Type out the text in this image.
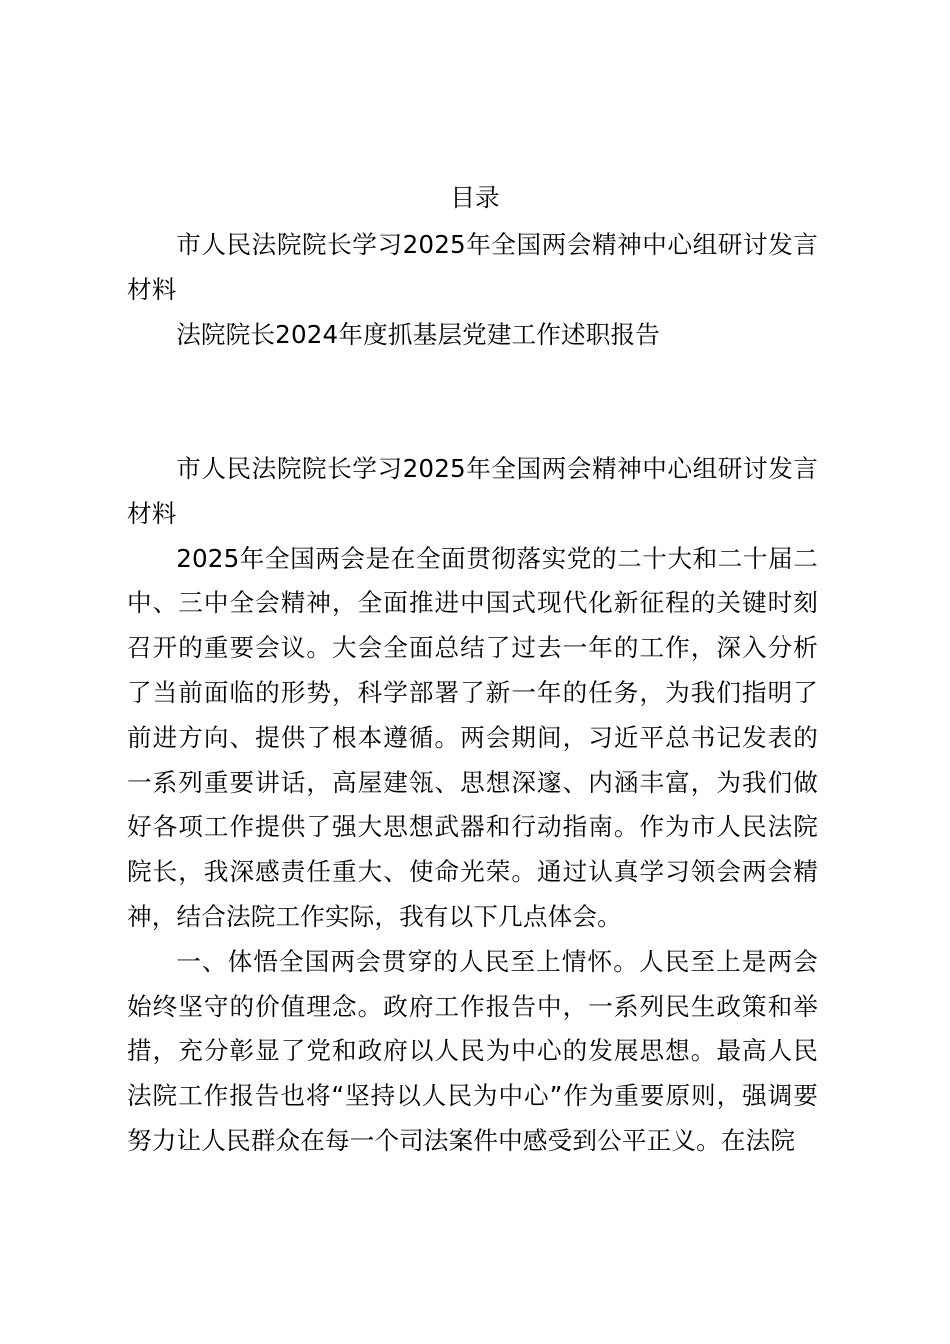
目录

市人民法院院长学习2025年全国两会精神中心组研讨发言材料

法院院长2024年度抓基层党建工作述职报告

市人民法院院长学习2025年全国两会精神中心组研讨发言材料

2025年全国两会是在全面贯彻落实党的二十大和二十届二中、三中全会精神，全面推进中国式现代化新征程的关键时刻召开的重要会议。大会全面总结了过去一年的工作，深入分析了当前面临的形势，科学部署了新一年的任务，为我们指明了前进方向、提供了根本遵循。两会期间，习近平总书记发表的一系列重要讲话，高屋建瓴、思想深邃、内涵丰富，为我们做好各项工作提供了强大思想武器和行动指南。作为市人民法院院长，我深感责任重大、使命光荣。通过认真学习领会两会精神，结合法院工作实际，我有以下几点体会。

一、体悟全国两会贯穿的人民至上情怀。人民至上是两会始终坚守的价值理念。政府工作报告中，一系列民生政策和举措，充分彰显了党和政府以人民为中心的发展思想。最高人民法院工作报告也将“坚持以人民为中心”作为重要原则，强调要努力让人民群众在每一个司法案件中感受到公平正义。在法院
